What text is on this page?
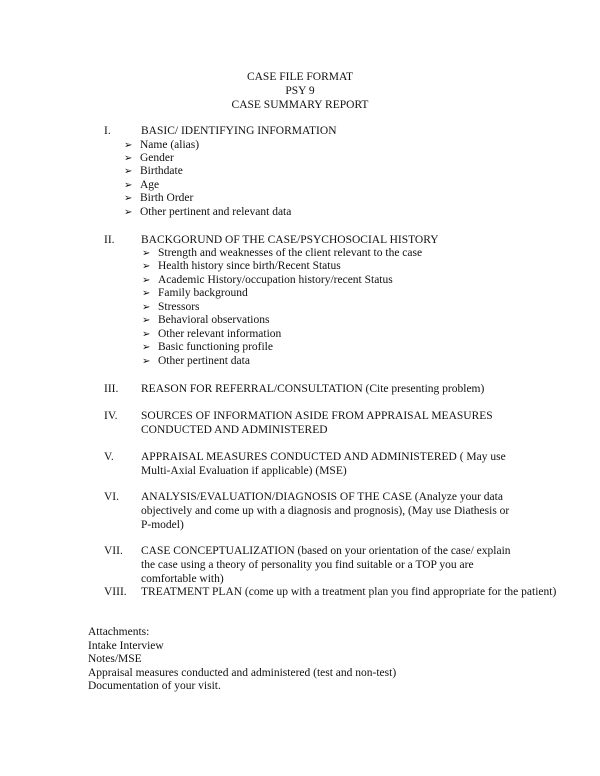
CASE FILE FORMAT
PSY 9
CASE SUMMARY REPORT
I.	BASIC/ IDENTIFYING INFORMATION
➢ Name (alias)
➢ Gender
➢ Birthdate
➢ Age
➢ Birth Order
➢ Other pertinent and relevant data
II.	BACKGORUND OF THE CASE/PSYCHOSOCIAL HISTORY
➢ Strength and weaknesses of the client relevant to the case
➢ Health history since birth/Recent Status
➢ Academic History/occupation history/recent Status
➢ Family background
➢ Stressors
➢ Behavioral observations
➢ Other relevant information
➢ Basic functioning profile
➢ Other pertinent data
III.	REASON FOR REFERRAL/CONSULTATION (Cite presenting problem)
IV.	SOURCES OF INFORMATION ASIDE FROM APPRAISAL MEASURES CONDUCTED AND ADMINISTERED
V.	APPRAISAL MEASURES CONDUCTED AND ADMINISTERED ( May use Multi-Axial Evaluation if applicable) (MSE)
VI.	ANALYSIS/EVALUATION/DIAGNOSIS OF THE CASE (Analyze your data objectively and come up with a diagnosis and prognosis), (May use Diathesis or P-model)
VII.	CASE CONCEPTUALIZATION (based on your orientation of the case/ explain the case using a theory of personality you find suitable or a TOP you are comfortable with)
VIII.	TREATMENT PLAN (come up with a treatment plan you find appropriate for the patient)
Attachments:
Intake Interview
Notes/MSE
Appraisal measures conducted and administered (test and non-test)
Documentation of your visit.
